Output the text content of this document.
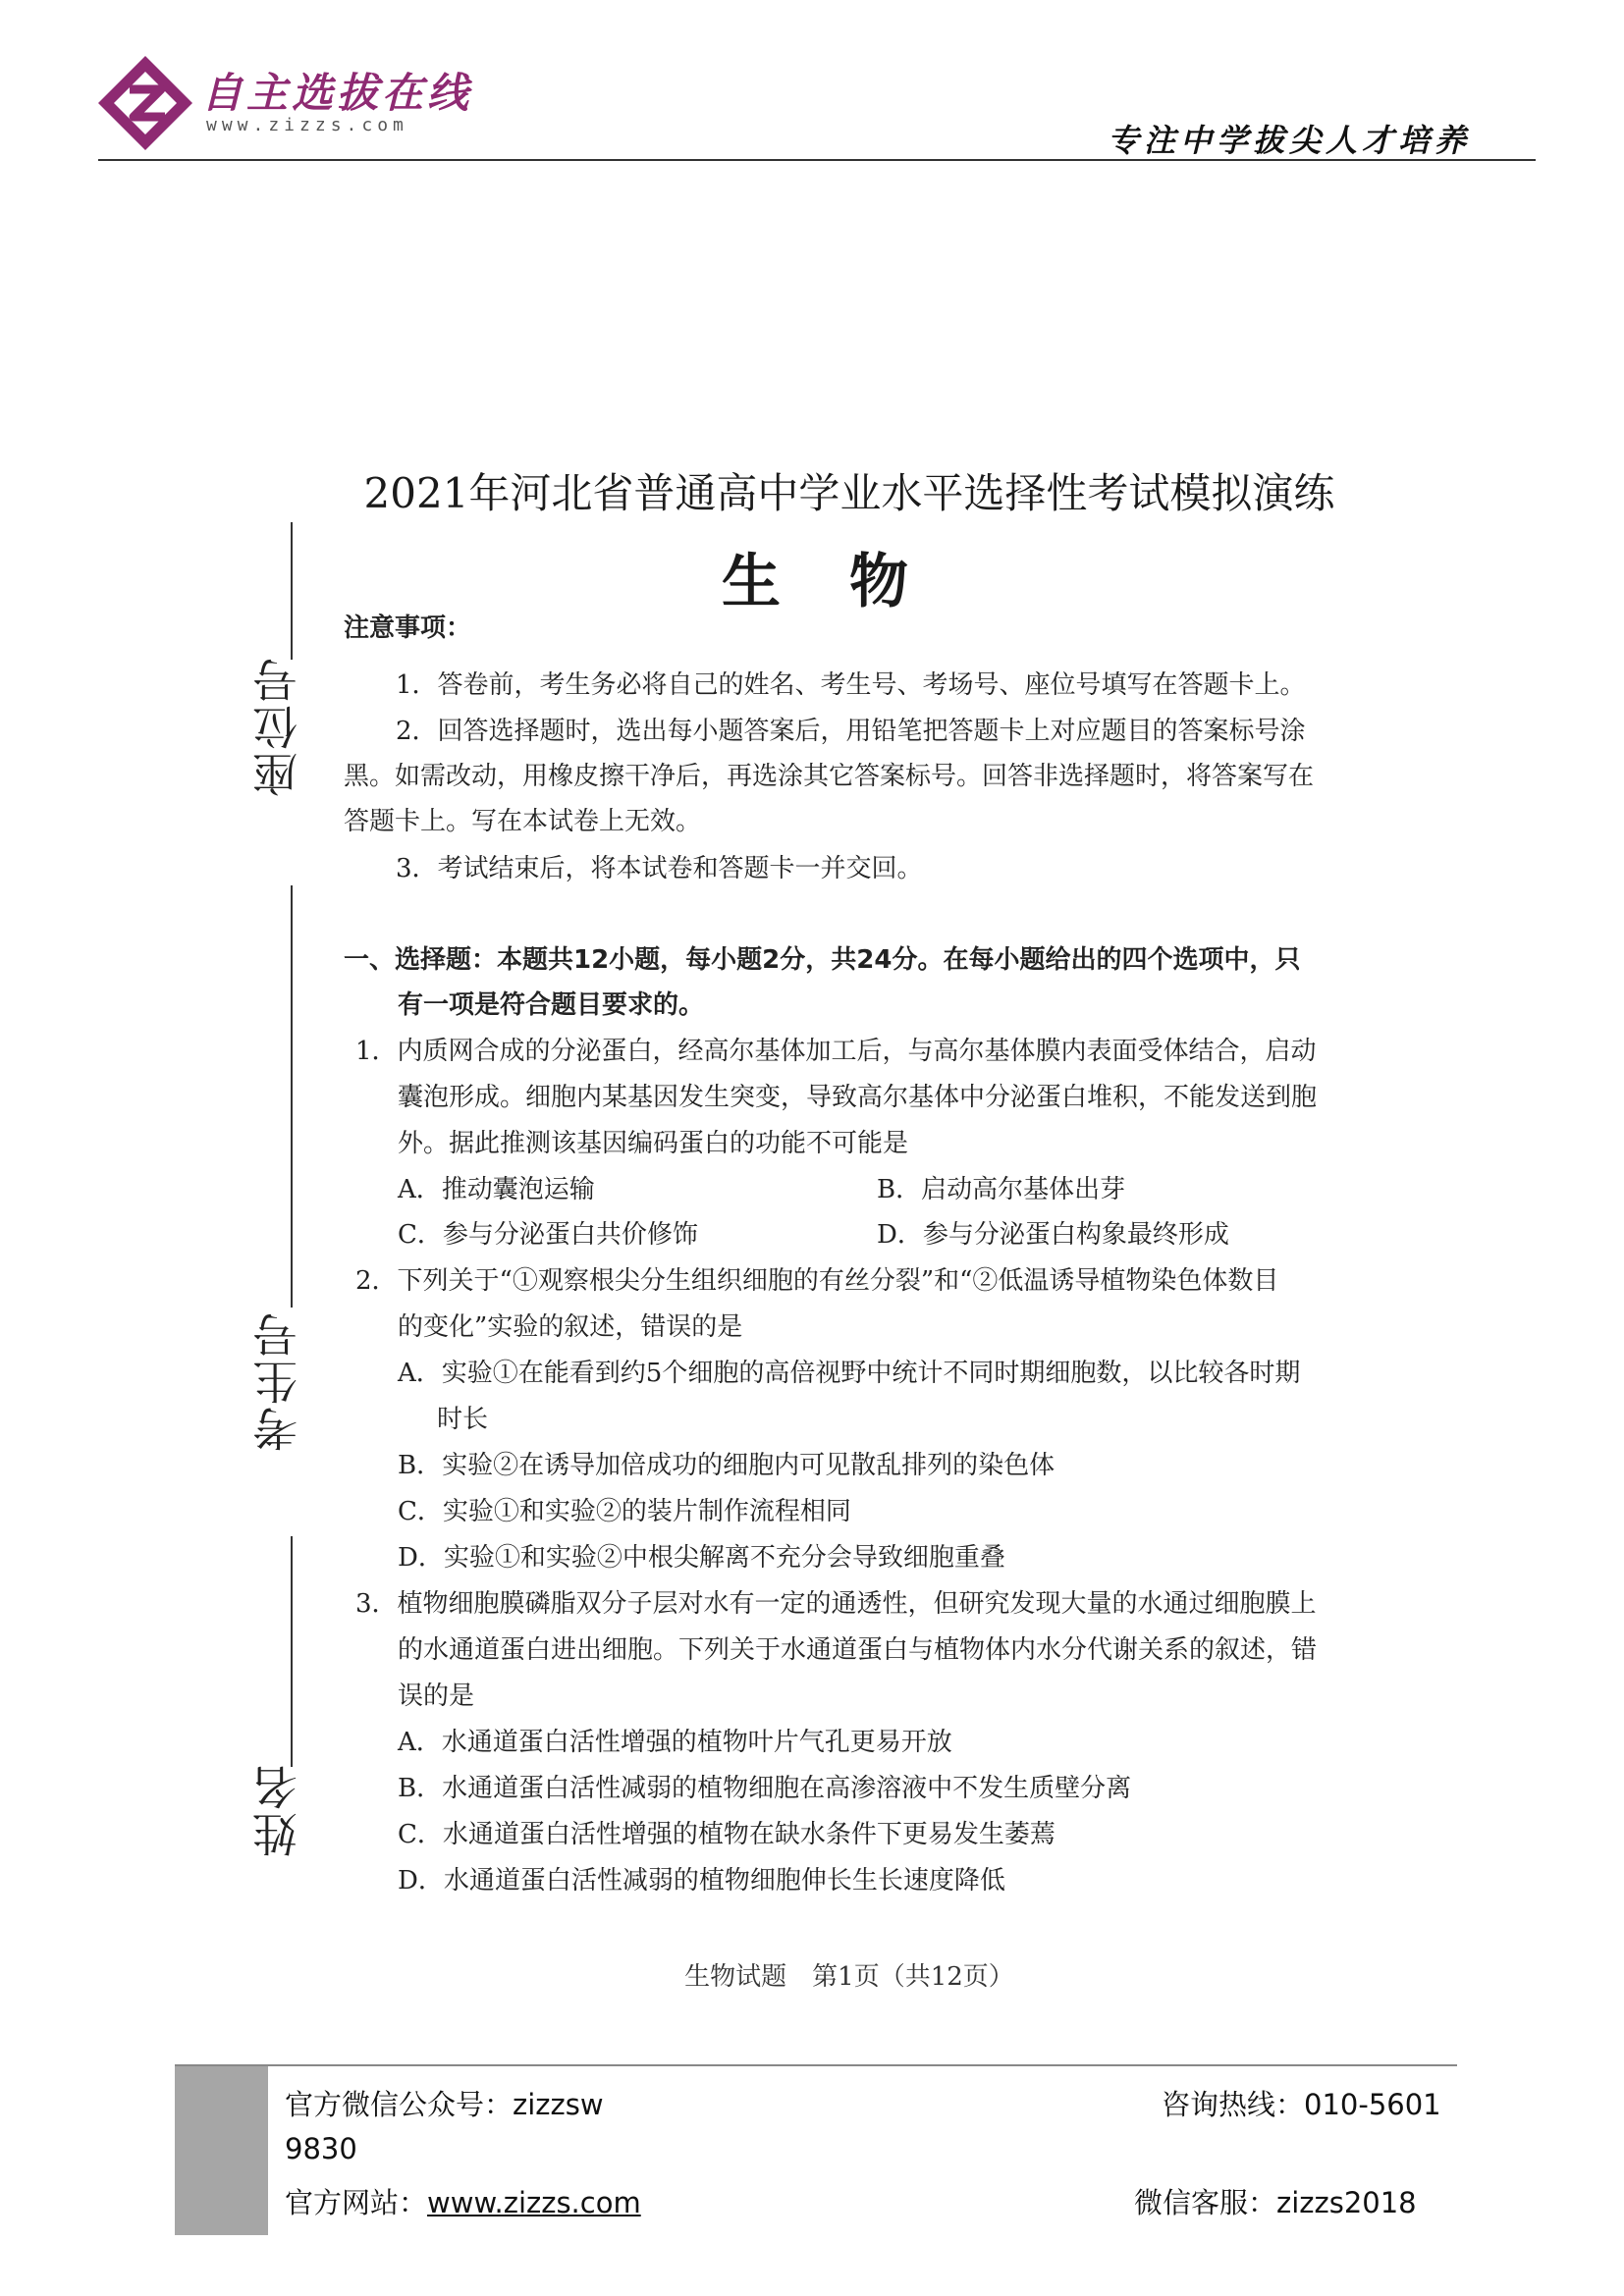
自主选拔在线
www.zizzs.com	专注中学拔尖人才培养
座位号
考生号
姓名
2021年河北省普通高中学业水平选择性考试模拟演练
生物
注意事项：
1．答卷前，考生务必将自己的姓名、考生号、考场号、座位号填写在答题卡上。
2．回答选择题时，选出每小题答案后，用铅笔把答题卡上对应题目的答案标号涂
黑。如需改动，用橡皮擦干净后，再选涂其它答案标号。回答非选择题时，将答案写在
答题卡上。写在本试卷上无效。
3．考试结束后，将本试卷和答题卡一并交回。
一、选择题：本题共12小题，每小题2分，共24分。在每小题给出的四个选项中，只
有一项是符合题目要求的。
1．内质网合成的分泌蛋白，经高尔基体加工后，与高尔基体膜内表面受体结合，启动
囊泡形成。细胞内某基因发生突变，导致高尔基体中分泌蛋白堆积，不能发送到胞
外。据此推测该基因编码蛋白的功能不可能是
A．推动囊泡运输	B．启动高尔基体出芽
C．参与分泌蛋白共价修饰	D．参与分泌蛋白构象最终形成
2．下列关于“①观察根尖分生组织细胞的有丝分裂”和“②低温诱导植物染色体数目
的变化”实验的叙述，错误的是
A．实验①在能看到约5个细胞的高倍视野中统计不同时期细胞数，以比较各时期
时长
B．实验②在诱导加倍成功的细胞内可见散乱排列的染色体
C．实验①和实验②的装片制作流程相同
D．实验①和实验②中根尖解离不充分会导致细胞重叠
3．植物细胞膜磷脂双分子层对水有一定的通透性，但研究发现大量的水通过细胞膜上
的水通道蛋白进出细胞。下列关于水通道蛋白与植物体内水分代谢关系的叙述，错
误的是
A．水通道蛋白活性增强的植物叶片气孔更易开放
B．水通道蛋白活性减弱的植物细胞在高渗溶液中不发生质壁分离
C．水通道蛋白活性增强的植物在缺水条件下更易发生萎蔫
D．水通道蛋白活性减弱的植物细胞伸长生长速度降低
生物试题　第1页（共12页）
官方微信公众号：zizzsw	咨询热线：010-5601
9830
官方网站：www.zizzs.com	微信客服：zizzs2018
